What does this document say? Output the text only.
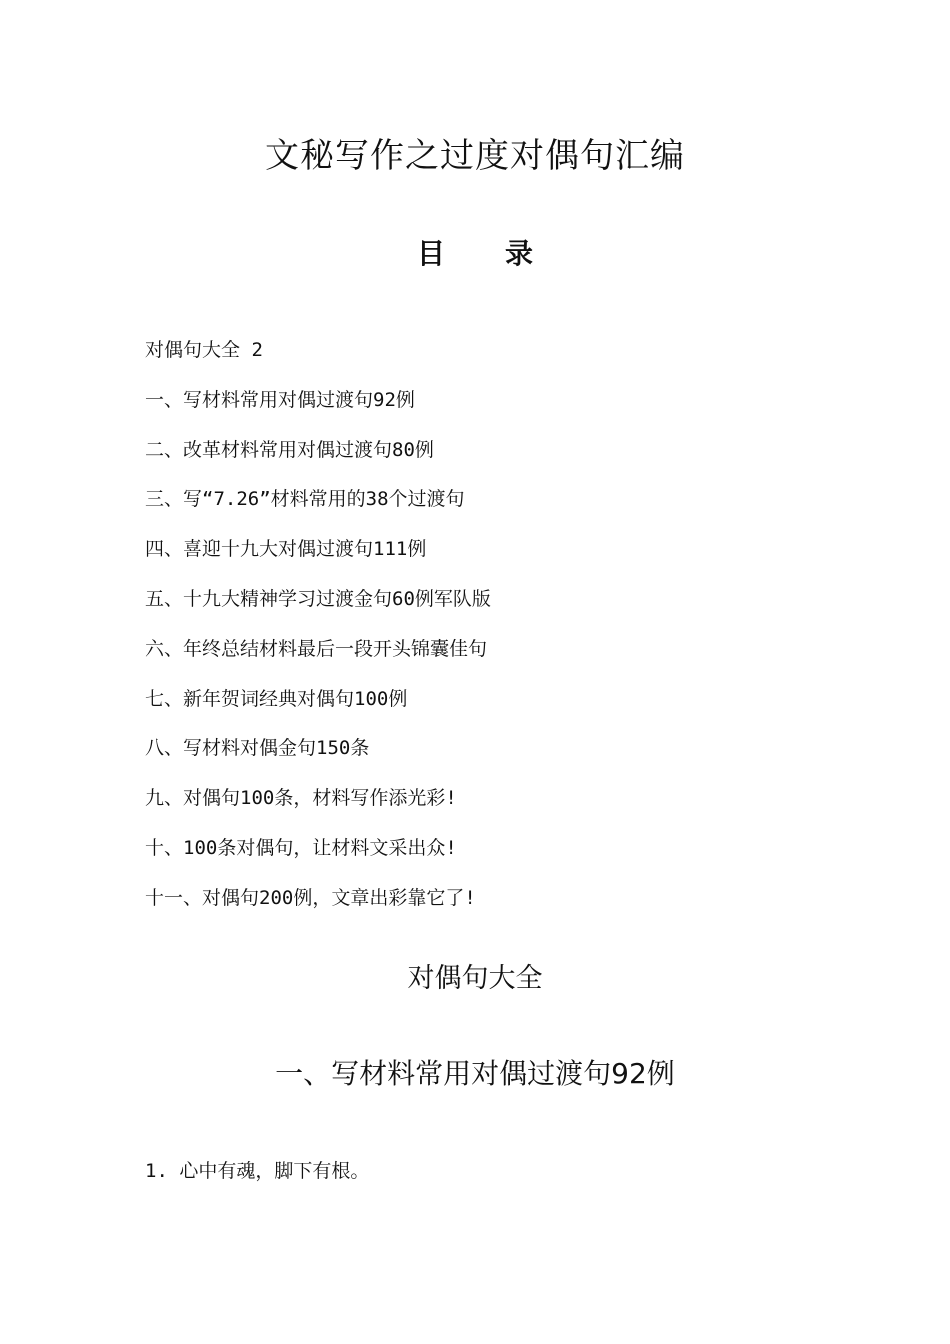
文秘写作之过度对偶句汇编
目 录
对偶句大全 2
一、写材料常用对偶过渡句92例
二、改革材料常用对偶过渡句80例
三、写“7.26”材料常用的38个过渡句
四、喜迎十九大对偶过渡句111例
五、十九大精神学习过渡金句60例军队版
六、年终总结材料最后一段开头锦囊佳句
七、新年贺词经典对偶句100例
八、写材料对偶金句150条
九、对偶句100条，材料写作添光彩!
十、100条对偶句，让材料文采出众!
十一、对偶句200例，文章出彩靠它了!
对偶句大全
一、写材料常用对偶过渡句92例

1. 心中有魂，脚下有根。
